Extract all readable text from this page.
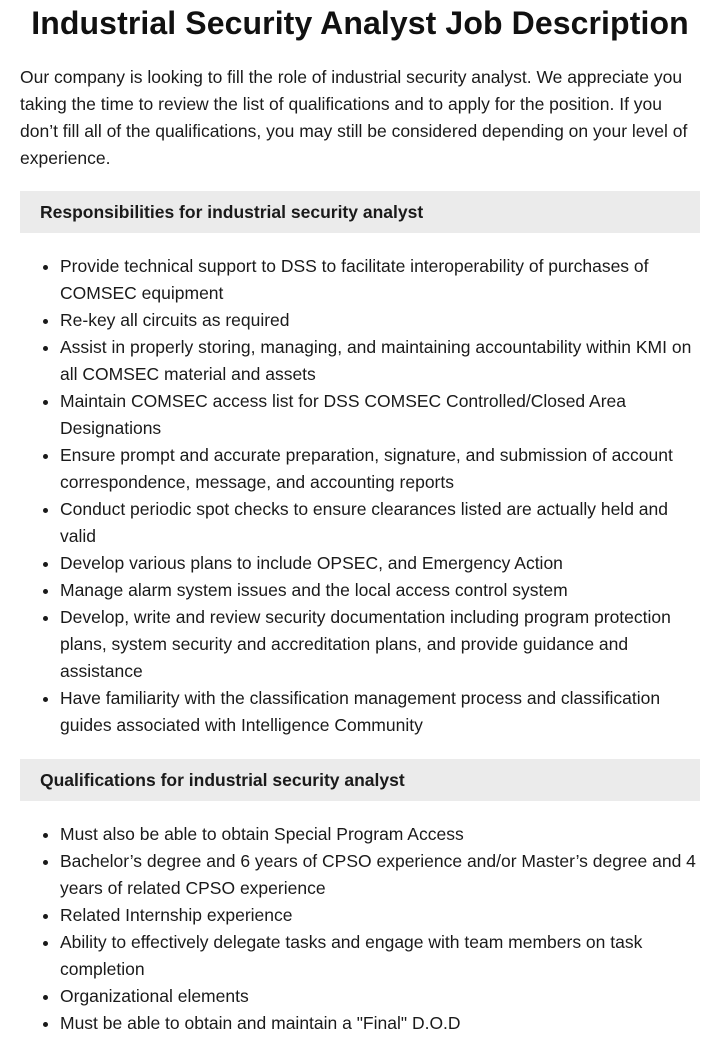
Industrial Security Analyst Job Description

Our company is looking to fill the role of industrial security analyst. We appreciate you taking the time to review the list of qualifications and to apply for the position. If you don’t fill all of the qualifications, you may still be considered depending on your level of experience.

Responsibilities for industrial security analyst
• Provide technical support to DSS to facilitate interoperability of purchases of COMSEC equipment
• Re-key all circuits as required
• Assist in properly storing, managing, and maintaining accountability within KMI on all COMSEC material and assets
• Maintain COMSEC access list for DSS COMSEC Controlled/Closed Area Designations
• Ensure prompt and accurate preparation, signature, and submission of account correspondence, message, and accounting reports
• Conduct periodic spot checks to ensure clearances listed are actually held and valid
• Develop various plans to include OPSEC, and Emergency Action
• Manage alarm system issues and the local access control system
• Develop, write and review security documentation including program protection plans, system security and accreditation plans, and provide guidance and assistance
• Have familiarity with the classification management process and classification guides associated with Intelligence Community
Qualifications for industrial security analyst
• Must also be able to obtain Special Program Access
• Bachelor’s degree and 6 years of CPSO experience and/or Master’s degree and 4 years of related CPSO experience
• Related Internship experience
• Ability to effectively delegate tasks and engage with team members on task completion
• Organizational elements
• Must be able to obtain and maintain a "Final" D.O.D
